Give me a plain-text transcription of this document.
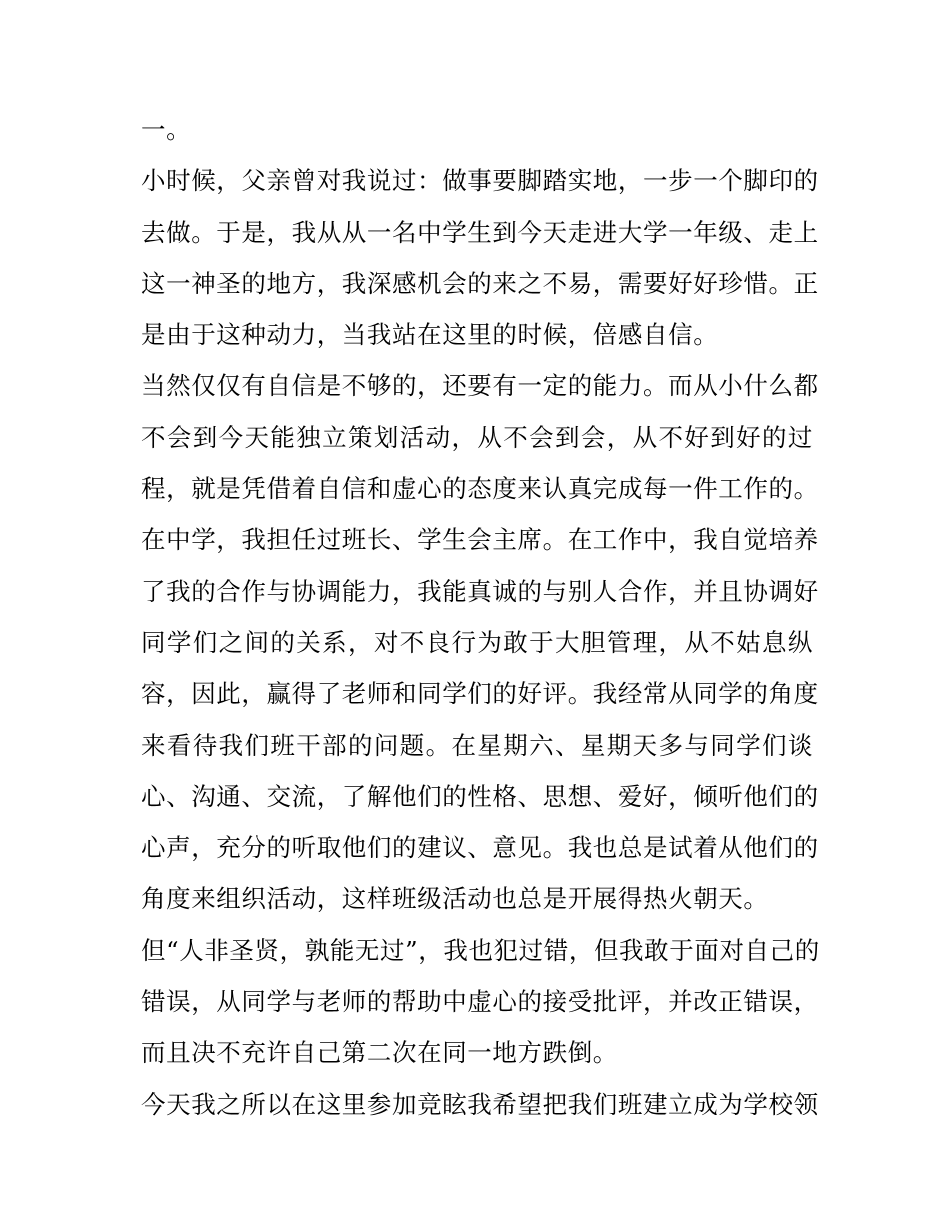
一。
小时候，父亲曾对我说过：做事要脚踏实地，一步一个脚印的
去做。于是，我从从一名中学生到今天走进大学一年级、走上
这一神圣的地方，我深感机会的来之不易，需要好好珍惜。正
是由于这种动力，当我站在这里的时候，倍感自信。
当然仅仅有自信是不够的，还要有一定的能力。而从小什么都
不会到今天能独立策划活动，从不会到会，从不好到好的过
程，就是凭借着自信和虚心的态度来认真完成每一件工作的。
在中学，我担任过班长、学生会主席。在工作中，我自觉培养
了我的合作与协调能力，我能真诚的与别人合作，并且协调好
同学们之间的关系，对不良行为敢于大胆管理，从不姑息纵
容，因此，赢得了老师和同学们的好评。我经常从同学的角度
来看待我们班干部的问题。在星期六、星期天多与同学们谈
心、沟通、交流，了解他们的性格、思想、爱好，倾听他们的
心声，充分的听取他们的建议、意见。我也总是试着从他们的
角度来组织活动，这样班级活动也总是开展得热火朝天。
但“人非圣贤，孰能无过”，我也犯过错，但我敢于面对自己的
错误，从同学与老师的帮助中虚心的接受批评，并改正错误，
而且决不充许自己第二次在同一地方跌倒。
今天我之所以在这里参加竞眩我希望把我们班建立成为学校领
